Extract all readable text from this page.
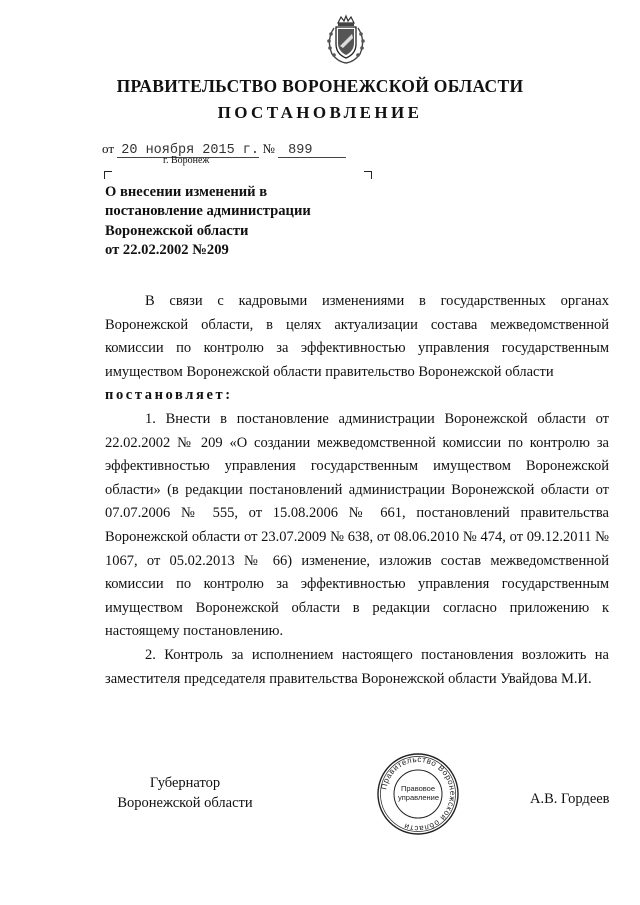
ПРАВИТЕЛЬСТВО ВОРОНЕЖСКОЙ ОБЛАСТИ
ПОСТАНОВЛЕНИЕ
от 20 ноября 2015 г. № 899
г. Воронеж
О внесении изменений в
постановление администрации
Воронежской области
от 22.02.2002 №209

В связи с кадровыми изменениями в государственных органах Воронежской области, в целях актуализации состава межведомственной комиссии по контролю за эффективностью управления государственным имуществом Воронежской области правительство Воронежской области

постановляет:

1. Внести в постановление администрации Воронежской области от 22.02.2002 № 209 «О создании межведомственной комиссии по контролю за эффективностью управления государственным имуществом Воронежской области» (в редакции постановлений администрации Воронежской области от 07.07.2006 № 555, от 15.08.2006 № 661, постановлений правительства Воронежской области от 23.07.2009 № 638, от 08.06.2010 № 474, от 09.12.2011 № 1067, от 05.02.2013 № 66) изменение, изложив состав межведомственной комиссии по контролю за эффективностью управления государственным имуществом Воронежской области в редакции согласно приложению к настоящему постановлению.

2. Контроль за исполнением настоящего постановления возложить на заместителя председателя правительства Воронежской области Увайдова М.И.

Губернатор
Воронежской области	А.В. Гордеев
Правительство Воронежской области
Правовое
управление
